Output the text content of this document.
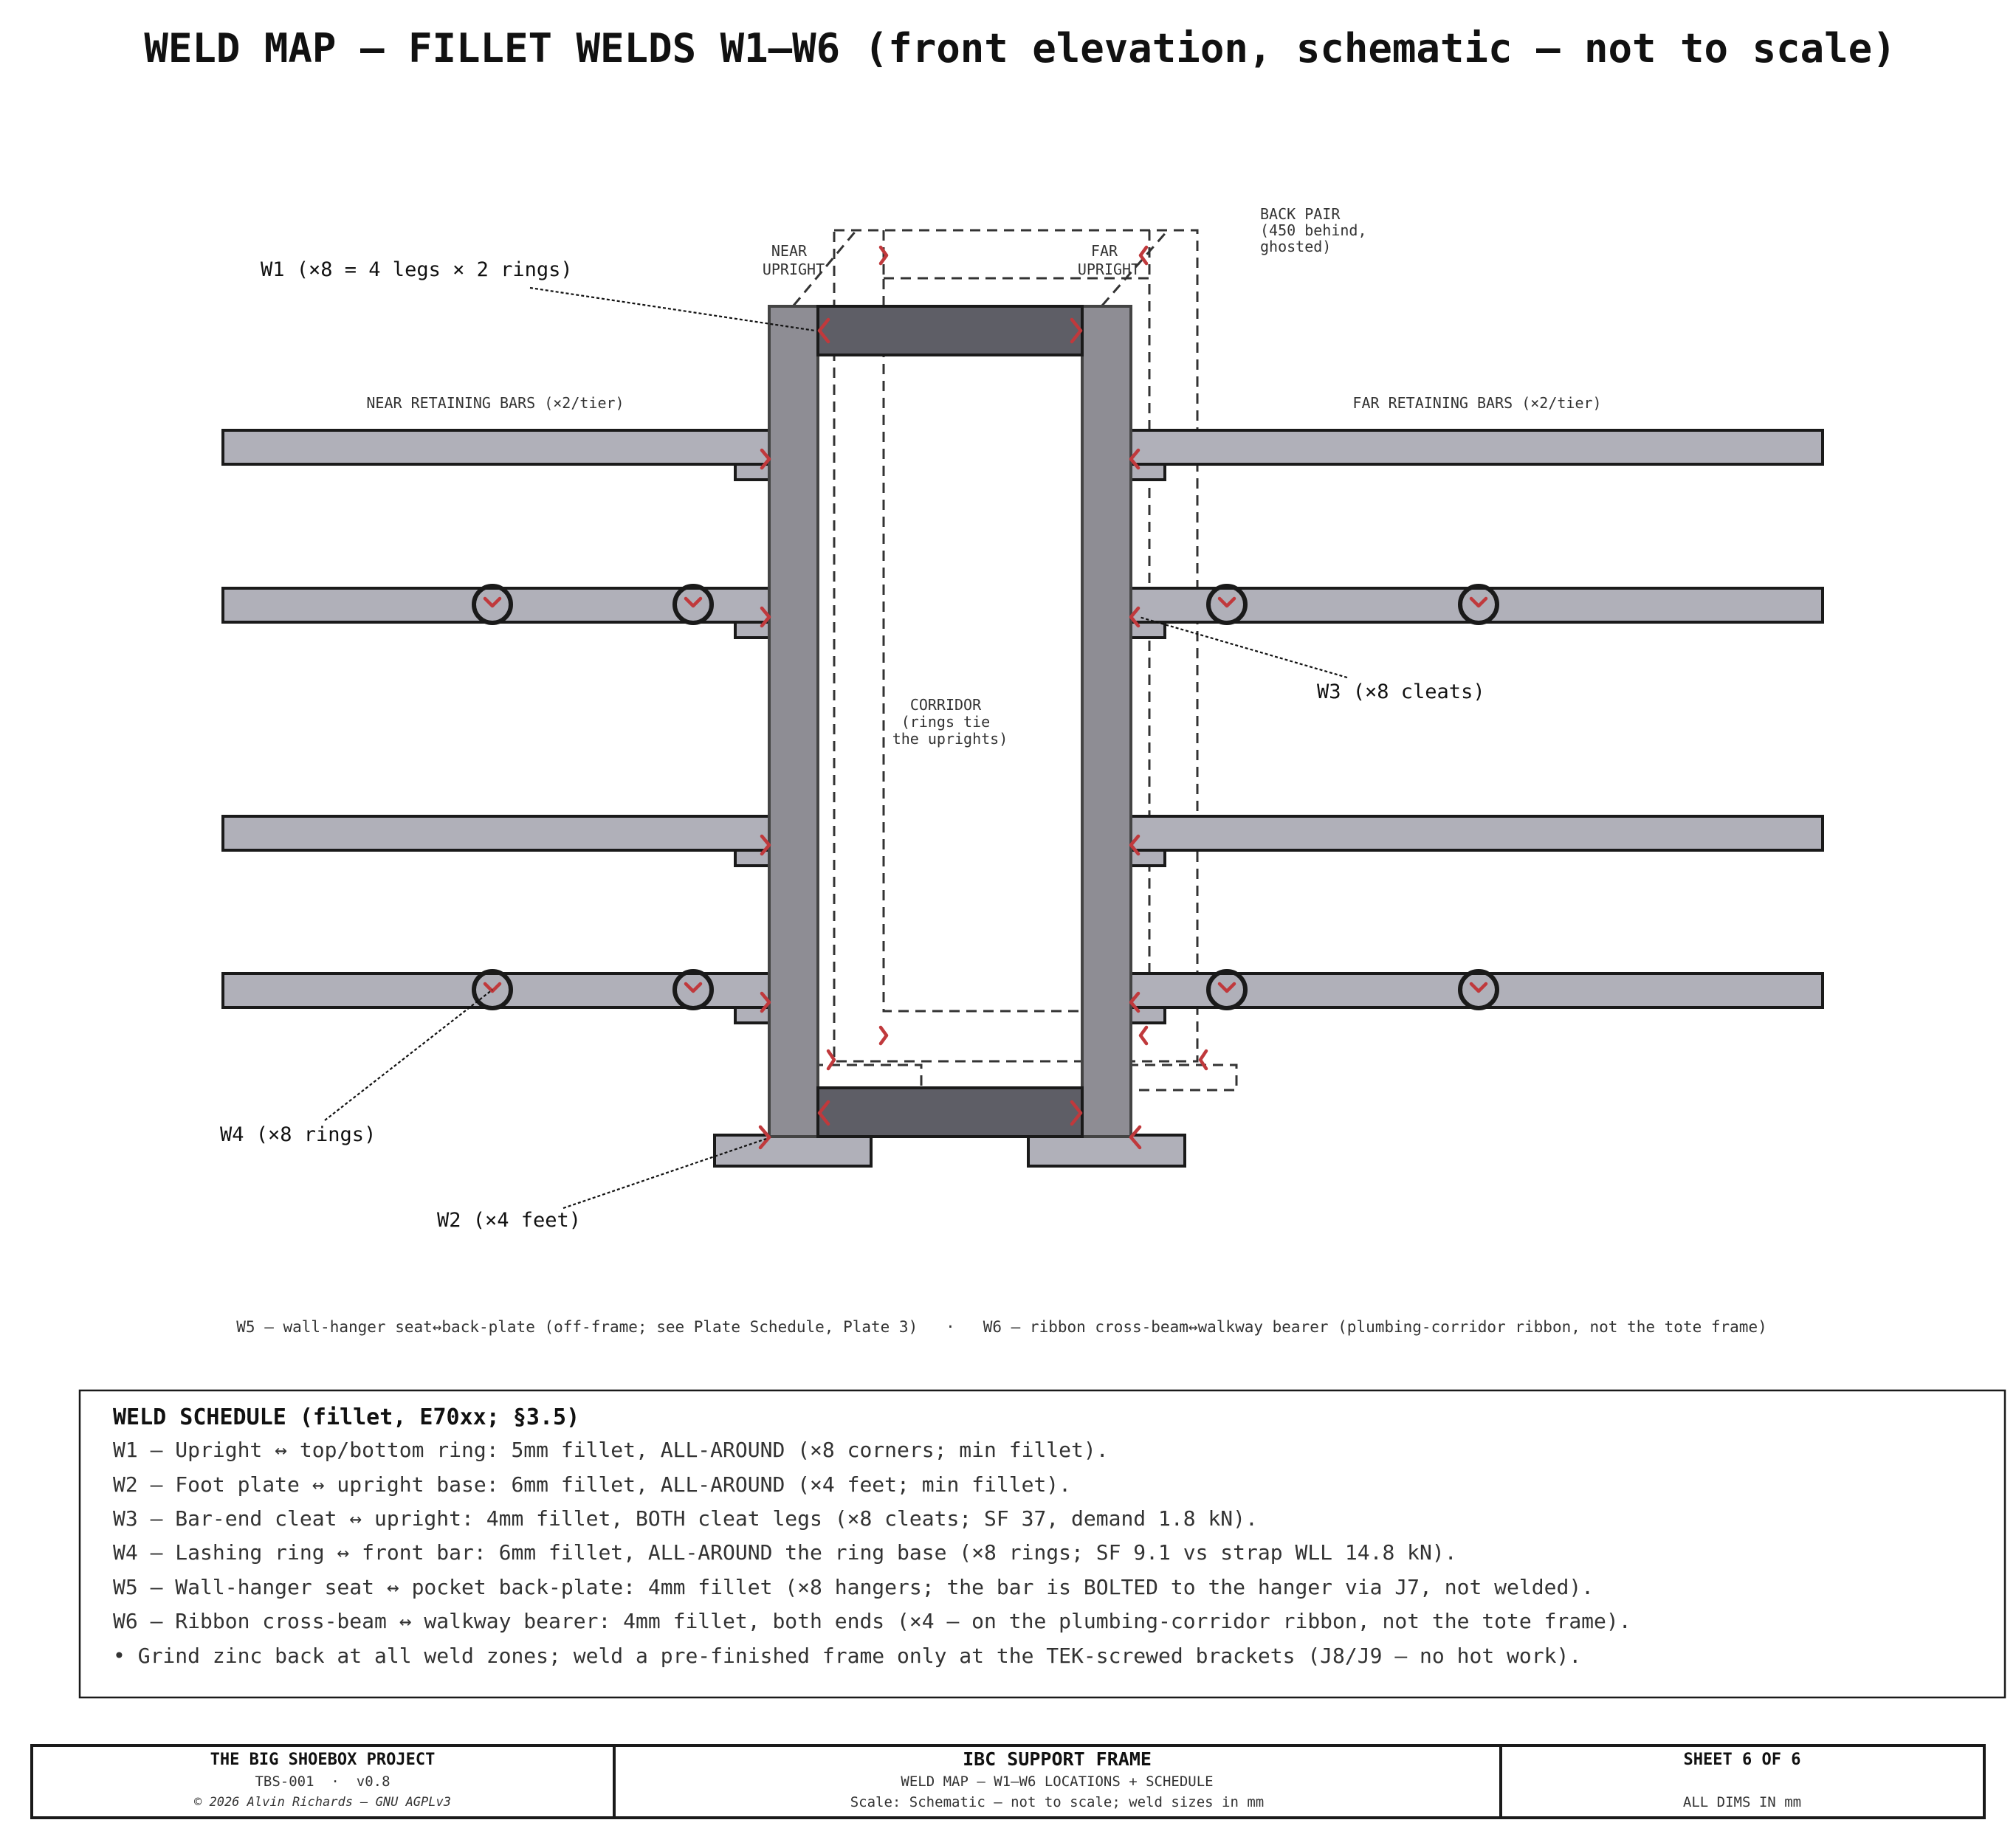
WELD MAP — FILLET WELDS W1–W6 (front elevation, schematic — not to scale)
NEAR UPRIGHT
FAR UPRIGHT
BACK PAIR (450 behind, ghosted)
NEAR RETAINING BARS (×2/tier)	FAR RETAINING BARS (×2/tier)
CORRIDOR (rings tie the uprights)
W1 (×8 = 4 legs × 2 rings)
W3 (×8 cleats)
W4 (×8 rings)
W2 (×4 feet)
W5 — wall-hanger seat↔back-plate (off-frame; see Plate Schedule, Plate 3)   ·   W6 — ribbon cross-beam↔walkway bearer (plumbing-corridor ribbon, not the tote frame)
WELD SCHEDULE (fillet, E70xx; §3.5)
W1 — Upright ↔ top/bottom ring: 5mm fillet, ALL-AROUND (×8 corners; min fillet).
W2 — Foot plate ↔ upright base: 6mm fillet, ALL-AROUND (×4 feet; min fillet).
W3 — Bar-end cleat ↔ upright: 4mm fillet, BOTH cleat legs (×8 cleats; SF 37, demand 1.8 kN).
W4 — Lashing ring ↔ front bar: 6mm fillet, ALL-AROUND the ring base (×8 rings; SF 9.1 vs strap WLL 14.8 kN).
W5 — Wall-hanger seat ↔ pocket back-plate: 4mm fillet (×8 hangers; the bar is BOLTED to the hanger via J7, not welded).
W6 — Ribbon cross-beam ↔ walkway bearer: 4mm fillet, both ends (×4 — on the plumbing-corridor ribbon, not the tote frame).
• Grind zinc back at all weld zones; weld a pre-finished frame only at the TEK-screwed brackets (J8/J9 — no hot work).
THE BIG SHOEBOX PROJECT
TBS-001  ·  v0.8
© 2026 Alvin Richards — GNU AGPLv3
IBC SUPPORT FRAME
WELD MAP — W1–W6 LOCATIONS + SCHEDULE
Scale: Schematic — not to scale; weld sizes in mm
SHEET 6 OF 6
ALL DIMS IN mm
